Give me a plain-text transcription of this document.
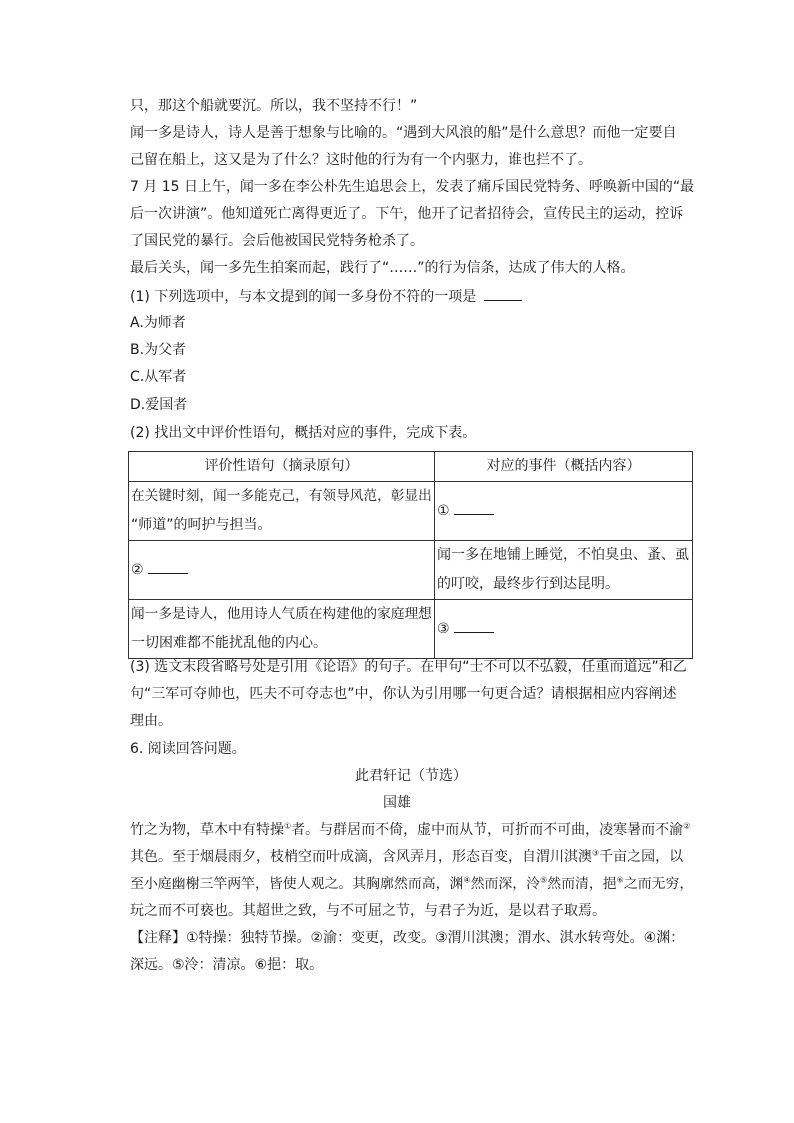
只，那这个船就要沉。所以，我不坚持不行！”
闻一多是诗人，诗人是善于想象与比喻的。“遇到大风浪的船”是什么意思？而他一定要自
己留在船上，这又是为了什么？这时他的行为有一个内驱力，谁也拦不了。
7 月 15 日上午，闻一多在李公朴先生追思会上，发表了痛斥国民党特务、呼唤新中国的“最
后一次讲演”。他知道死亡离得更近了。下午，他开了记者招待会，宣传民主的运动，控诉
了国民党的暴行。会后他被国民党特务枪杀了。
最后关头，闻一多先生拍案而起，践行了“……”的行为信条，达成了伟大的人格。
(1) 下列选项中，与本文提到的闻一多身份不符的一项是
A.为师者
B.为父者
C.从军者
D.爱国者
(2) 找出文中评价性语句，概括对应的事件，完成下表。
评价性语句（摘录原句）	对应的事件（概括内容）

在关键时刻，闻一多能克己，有领导风范，彰显出
“师道”的呵护与担当。	①
②	闻一多在地铺上睡觉，不怕臭虫、蚤、虱
的叮咬，最终步行到达昆明。

闻一多是诗人，他用诗人气质在构建他的家庭理想
一切困难都不能扰乱他的内心。	③
(3) 选文末段省略号处是引用《论语》的句子。在甲句“士不可以不弘毅，任重而道远”和乙
句“三军可夺帅也，匹夫不可夺志也”中，你认为引用哪一句更合适？请根据相应内容阐述
理由。
6. 阅读回答问题。
此君轩记（节选）
国雄
竹之为物，草木中有特操①者。与群居而不倚，虚中而从节，可折而不可曲，凌寒暑而不渝②
其色。至于烟晨雨夕，枝梢空而叶成滴，含风弄月，形态百变，自渭川淇澳③千亩之园，以
至小庭幽榭三竿两竿，皆使人观之。其胸廓然而高，渊④然而深，泠⑤然而清，挹⑥之而无穷，
玩之而不可亵也。其超世之致，与不可屈之节，与君子为近，是以君子取焉。
【注释】①特操：独特节操。②渝：变更，改变。③渭川淇澳；渭水、淇水转弯处。④渊：
深远。⑤泠：清凉。⑥挹：取。
